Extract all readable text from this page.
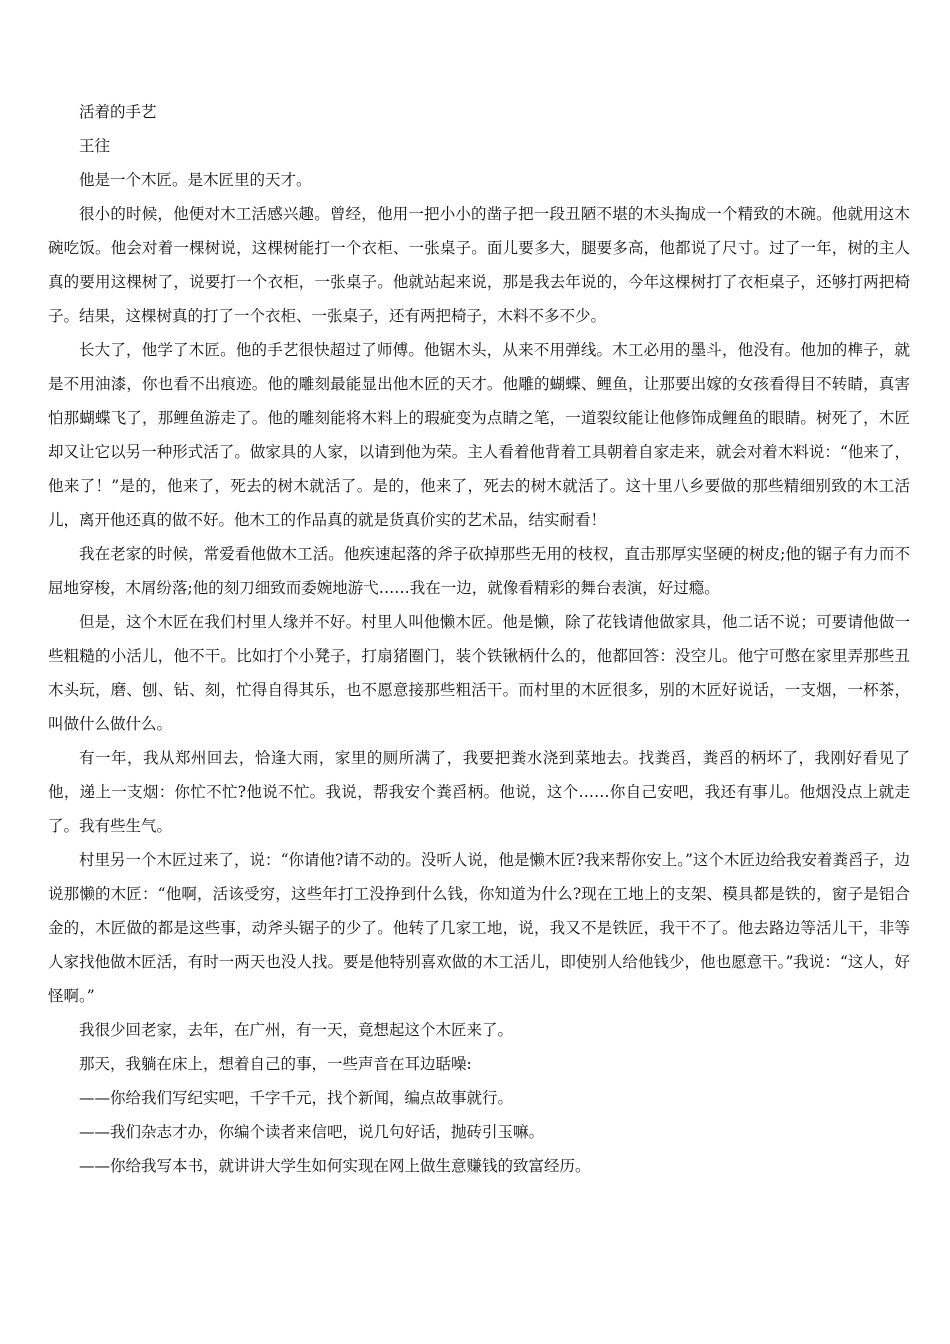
活着的手艺

王往

他是一个木匠。是木匠里的天才。

很小的时候，他便对木工活感兴趣。曾经，他用一把小小的凿子把一段丑陋不堪的木头掏成一个精致的木碗。他就用这木碗吃饭。他会对着一棵树说，这棵树能打一个衣柜、一张桌子。面儿要多大，腿要多高，他都说了尺寸。过了一年，树的主人真的要用这棵树了，说要打一个衣柜，一张桌子。他就站起来说，那是我去年说的，今年这棵树打了衣柜桌子，还够打两把椅子。结果，这棵树真的打了一个衣柜、一张桌子，还有两把椅子，木料不多不少。

长大了，他学了木匠。他的手艺很快超过了师傅。他锯木头，从来不用弹线。木工必用的墨斗，他没有。他加的榫子，就是不用油漆，你也看不出痕迹。他的雕刻最能显出他木匠的天才。他雕的蝴蝶、鲤鱼，让那要出嫁的女孩看得目不转睛，真害怕那蝴蝶飞了，那鲤鱼游走了。他的雕刻能将木料上的瑕疵变为点睛之笔，一道裂纹能让他修饰成鲤鱼的眼睛。树死了，木匠却又让它以另一种形式活了。做家具的人家，以请到他为荣。主人看着他背着工具朝着自家走来，就会对着木料说：“他来了，他来了！”是的，他来了，死去的树木就活了。是的，他来了，死去的树木就活了。这十里八乡要做的那些精细别致的木工活儿，离开他还真的做不好。他木工的作品真的就是货真价实的艺术品，结实耐看！

我在老家的时候，常爱看他做木工活。他疾速起落的斧子砍掉那些无用的枝杈，直击那厚实坚硬的树皮;他的锯子有力而不屈地穿梭，木屑纷落;他的刻刀细致而委婉地游弋……我在一边，就像看精彩的舞台表演，好过瘾。

但是，这个木匠在我们村里人缘并不好。村里人叫他懒木匠。他是懒，除了花钱请他做家具，他二话不说；可要请他做一些粗糙的小活儿，他不干。比如打个小凳子，打扇猪圈门，装个铁锹柄什么的，他都回答：没空儿。他宁可憋在家里弄那些丑木头玩，磨、刨、钻、刻，忙得自得其乐，也不愿意接那些粗活干。而村里的木匠很多，别的木匠好说话，一支烟，一杯茶，叫做什么做什么。

有一年，我从郑州回去，恰逢大雨，家里的厕所满了，我要把粪水浇到菜地去。找粪舀，粪舀的柄坏了，我刚好看见了他，递上一支烟：你忙不忙?他说不忙。我说，帮我安个粪舀柄。他说，这个……你自己安吧，我还有事儿。他烟没点上就走了。我有些生气。

村里另一个木匠过来了，说：“你请他?请不动的。没听人说，他是懒木匠?我来帮你安上。”这个木匠边给我安着粪舀子，边说那懒的木匠：“他啊，活该受穷，这些年打工没挣到什么钱，你知道为什么?现在工地上的支架、模具都是铁的，窗子是铝合金的，木匠做的都是这些事，动斧头锯子的少了。他转了几家工地，说，我又不是铁匠，我干不了。他去路边等活儿干，非等人家找他做木匠活，有时一两天也没人找。要是他特别喜欢做的木工活儿，即使别人给他钱少，他也愿意干。”我说：“这人，好怪啊。”

我很少回老家，去年，在广州，有一天，竟想起这个木匠来了。

那天，我躺在床上，想着自己的事，一些声音在耳边聒噪:

——你给我们写纪实吧，千字千元，找个新闻，编点故事就行。

——我们杂志才办，你编个读者来信吧，说几句好话，抛砖引玉嘛。

——你给我写本书，就讲讲大学生如何实现在网上做生意赚钱的致富经历。
